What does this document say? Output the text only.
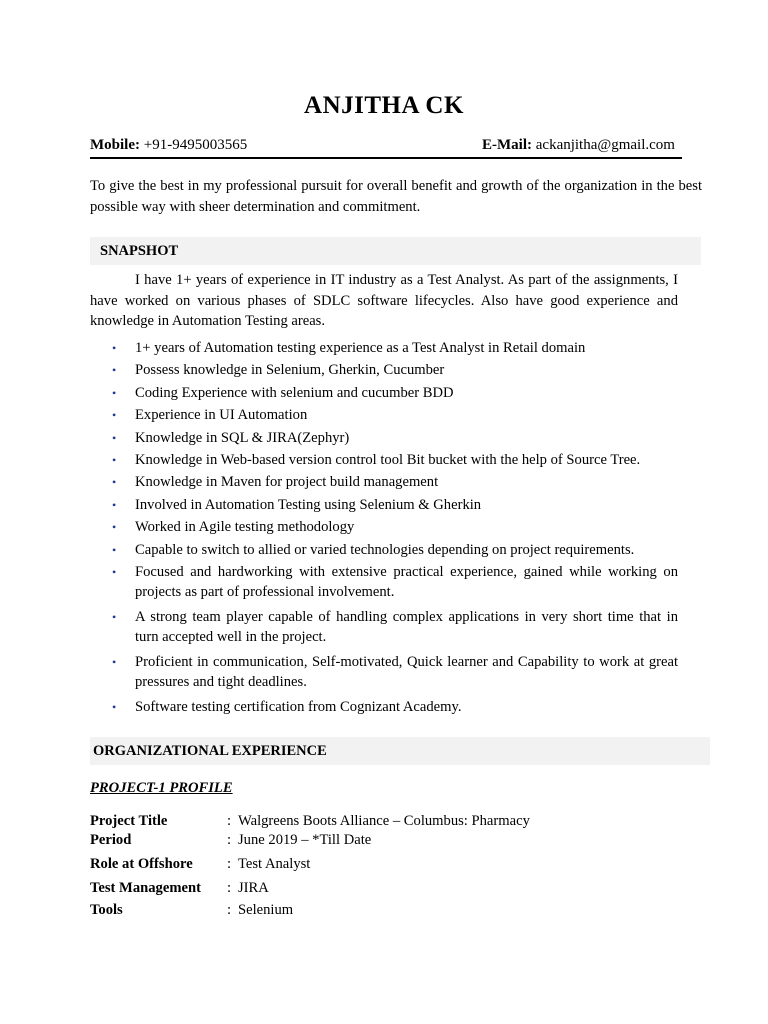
ANJITHA CK
Mobile: +91-9495003565	E-Mail: ackanjitha@gmail.com
To give the best in my professional pursuit for overall benefit and growth of the organization in the best possible way with sheer determination and commitment.
SNAPSHOT
I have 1+ years of experience in IT industry as a Test Analyst. As part of the assignments, I have worked on various phases of SDLC software lifecycles. Also have good experience and knowledge in Automation Testing areas.
• 1+ years of Automation testing experience as a Test Analyst in Retail domain
• Possess knowledge in Selenium, Gherkin, Cucumber
• Coding Experience with selenium and cucumber BDD
• Experience in UI Automation
• Knowledge in SQL & JIRA(Zephyr)
• Knowledge in Web-based version control tool Bit bucket with the help of Source Tree.
• Knowledge in Maven for project build management
• Involved in Automation Testing using Selenium & Gherkin
• Worked in Agile testing methodology
• Capable to switch to allied or varied technologies depending on project requirements.
• Focused and hardworking with extensive practical experience, gained while working on projects as part of professional involvement.
• A strong team player capable of handling complex applications in very short time that in turn accepted well in the project.
• Proficient in communication, Self-motivated, Quick learner and Capability to work at great pressures and tight deadlines.
• Software testing certification from Cognizant Academy.
ORGANIZATIONAL EXPERIENCE
PROJECT-1 PROFILE
Project Title	: Walgreens Boots Alliance – Columbus: Pharmacy
Period	: June 2019 – *Till Date
Role at Offshore : Test Analyst
Test Management : JIRA
Tools	: Selenium
